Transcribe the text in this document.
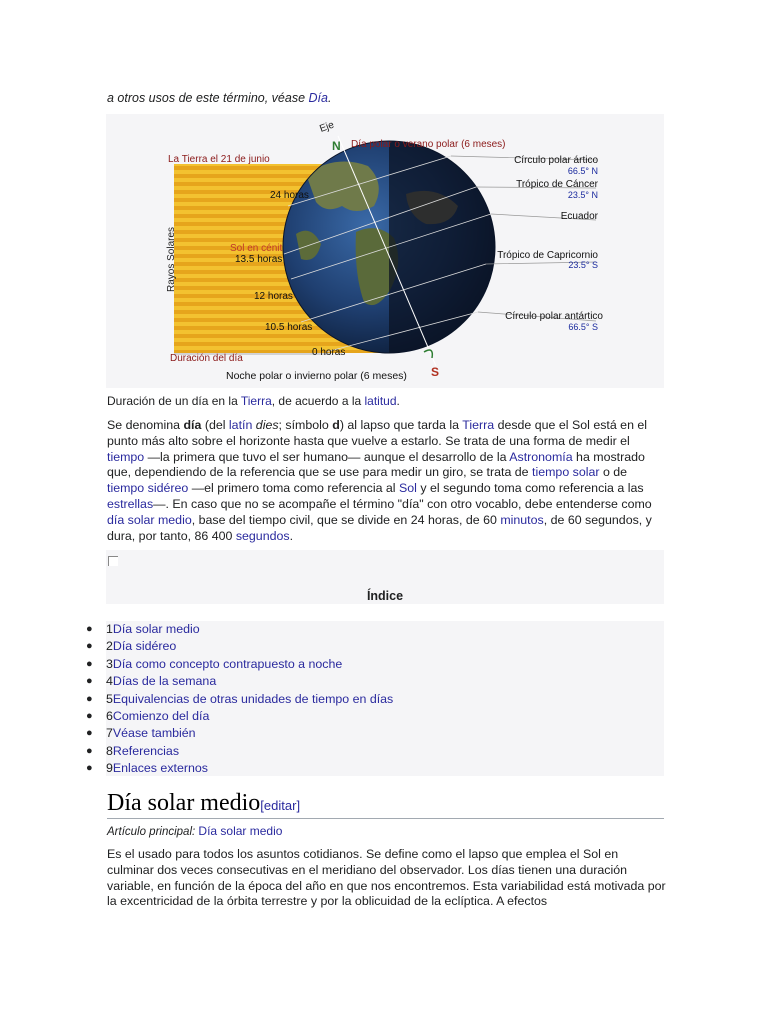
a otros usos de este término, véase Día.
Eje
N
S
Día polar o verano polar (6 meses)
La Tierra el 21 de junio
Rayos Solares	Sol en cénit
Duración del día
Noche polar o invierno polar (6 meses)
24 horas
13.5 horas
12 horas
10.5 horas
0 horas
Círculo polar ártico
66.5° N
Trópico de Cáncer
23.5° N
Ecuador
Trópico de Capricornio
23.5° S
Círculo polar antártico
66.5° S
Duración de un día en la Tierra, de acuerdo a la latitud.
Se denomina día (del latín dies; símbolo d) al lapso que tarda la Tierra desde que el Sol está en el punto más alto sobre el horizonte hasta que vuelve a estarlo. Se trata de una forma de medir el tiempo —la primera que tuvo el ser humano— aunque el desarrollo de la Astronomía ha mostrado que, dependiendo de la referencia que se use para medir un giro, se trata de tiempo solar o de tiempo sidéreo —el primero toma como referencia al Sol y el segundo toma como referencia a las estrellas—. En caso que no se acompañe el término "día" con otro vocablo, debe entenderse como día solar medio, base del tiempo civil, que se divide en 24 horas, de 60 minutos, de 60 segundos, y dura, por tanto, 86 400 segundos.
Índice
● 1Día solar medio
● 2Día sidéreo
● 3Día como concepto contrapuesto a noche
● 4Días de la semana
● 5Equivalencias de otras unidades de tiempo en días
● 6Comienzo del día
● 7Véase también
● 8Referencias
● 9Enlaces externos
Día solar medio[editar]
Artículo principal: Día solar medio
Es el usado para todos los asuntos cotidianos. Se define como el lapso que emplea el Sol en culminar dos veces consecutivas en el meridiano del observador. Los días tienen una duración variable, en función de la época del año en que nos encontremos. Esta variabilidad está motivada por la excentricidad de la órbita terrestre y por la oblicuidad de la eclíptica. A efectos
